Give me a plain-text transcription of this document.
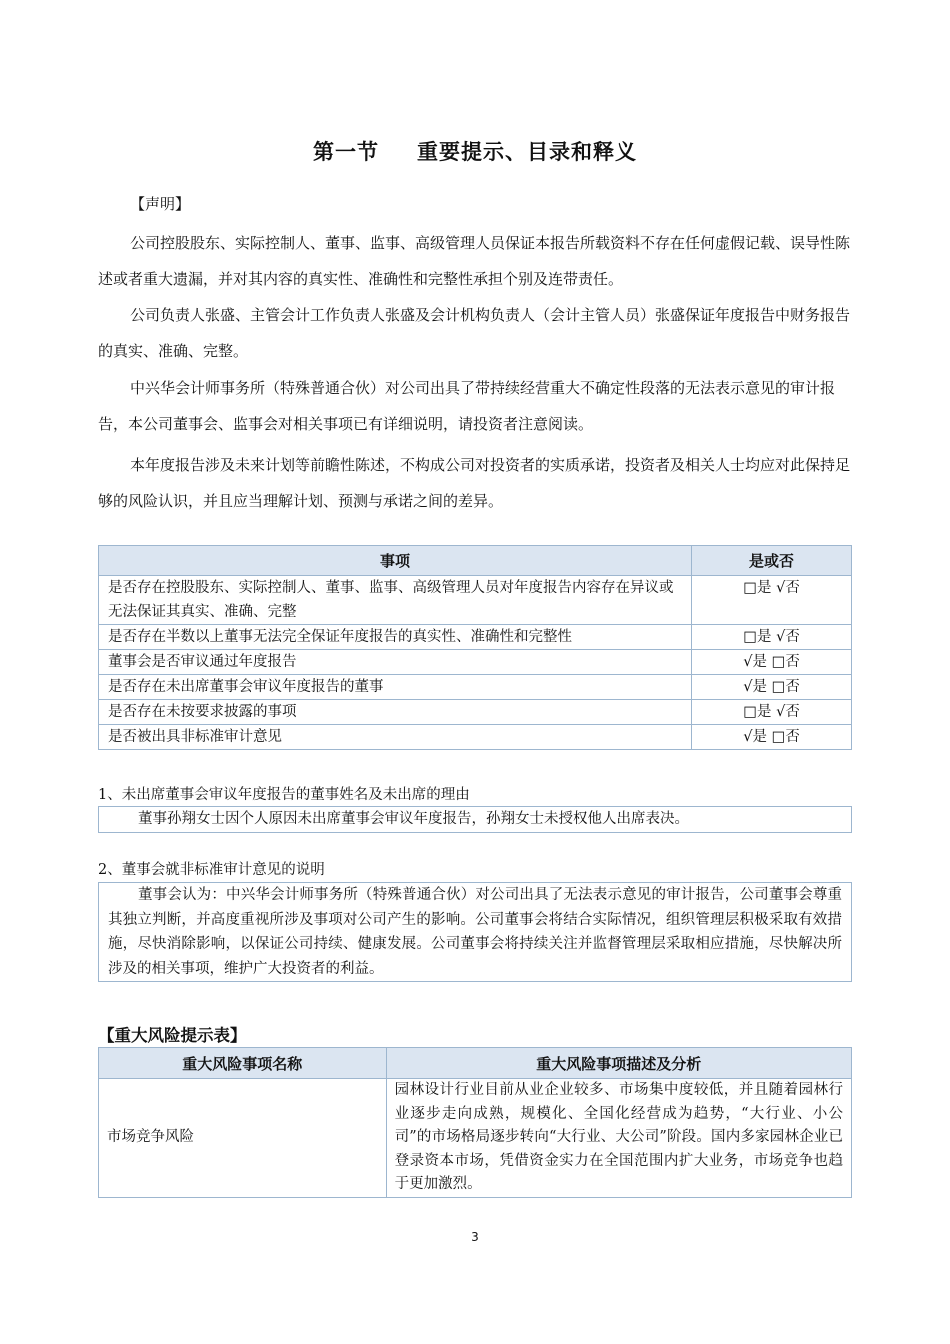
第一节 重要提示、目录和释义
【声明】
公司控股股东、实际控制人、董事、监事、高级管理人员保证本报告所载资料不存在任何虚假记载、误导性陈述或者重大遗漏，并对其内容的真实性、准确性和完整性承担个别及连带责任。
公司负责人张盛、主管会计工作负责人张盛及会计机构负责人（会计主管人员）张盛保证年度报告中财务报告的真实、准确、完整。
中兴华会计师事务所（特殊普通合伙）对公司出具了带持续经营重大不确定性段落的无法表示意见的审计报告，本公司董事会、监事会对相关事项已有详细说明，请投资者注意阅读。
本年度报告涉及未来计划等前瞻性陈述，不构成公司对投资者的实质承诺，投资者及相关人士均应对此保持足够的风险认识，并且应当理解计划、预测与承诺之间的差异。
事项	是或否
是否存在控股股东、实际控制人、董事、监事、高级管理人员对年度报告内容存在异议或无法保证其真实、准确、完整	□是 √否
是否存在半数以上董事无法完全保证年度报告的真实性、准确性和完整性	□是 √否
董事会是否审议通过年度报告	√是 □否
是否存在未出席董事会审议年度报告的董事	√是 □否
是否存在未按要求披露的事项	□是 √否
是否被出具非标准审计意见	√是 □否
1、未出席董事会审议年度报告的董事姓名及未出席的理由
董事孙翔女士因个人原因未出席董事会审议年度报告，孙翔女士未授权他人出席表决。
2、董事会就非标准审计意见的说明
董事会认为：中兴华会计师事务所（特殊普通合伙）对公司出具了无法表示意见的审计报告，公司董事会尊重其独立判断，并高度重视所涉及事项对公司产生的影响。公司董事会将结合实际情况，组织管理层积极采取有效措施，尽快消除影响，以保证公司持续、健康发展。公司董事会将持续关注并监督管理层采取相应措施，尽快解决所涉及的相关事项，维护广大投资者的利益。
【重大风险提示表】
重大风险事项名称	重大风险事项描述及分析
市场竞争风险	园林设计行业目前从业企业较多、市场集中度较低，并且随着园林行业逐步走向成熟，规模化、全国化经营成为趋势，“大行业、小公司”的市场格局逐步转向“大行业、大公司”阶段。国内多家园林企业已登录资本市场，凭借资金实力在全国范围内扩大业务，市场竞争也趋于更加激烈。
3
